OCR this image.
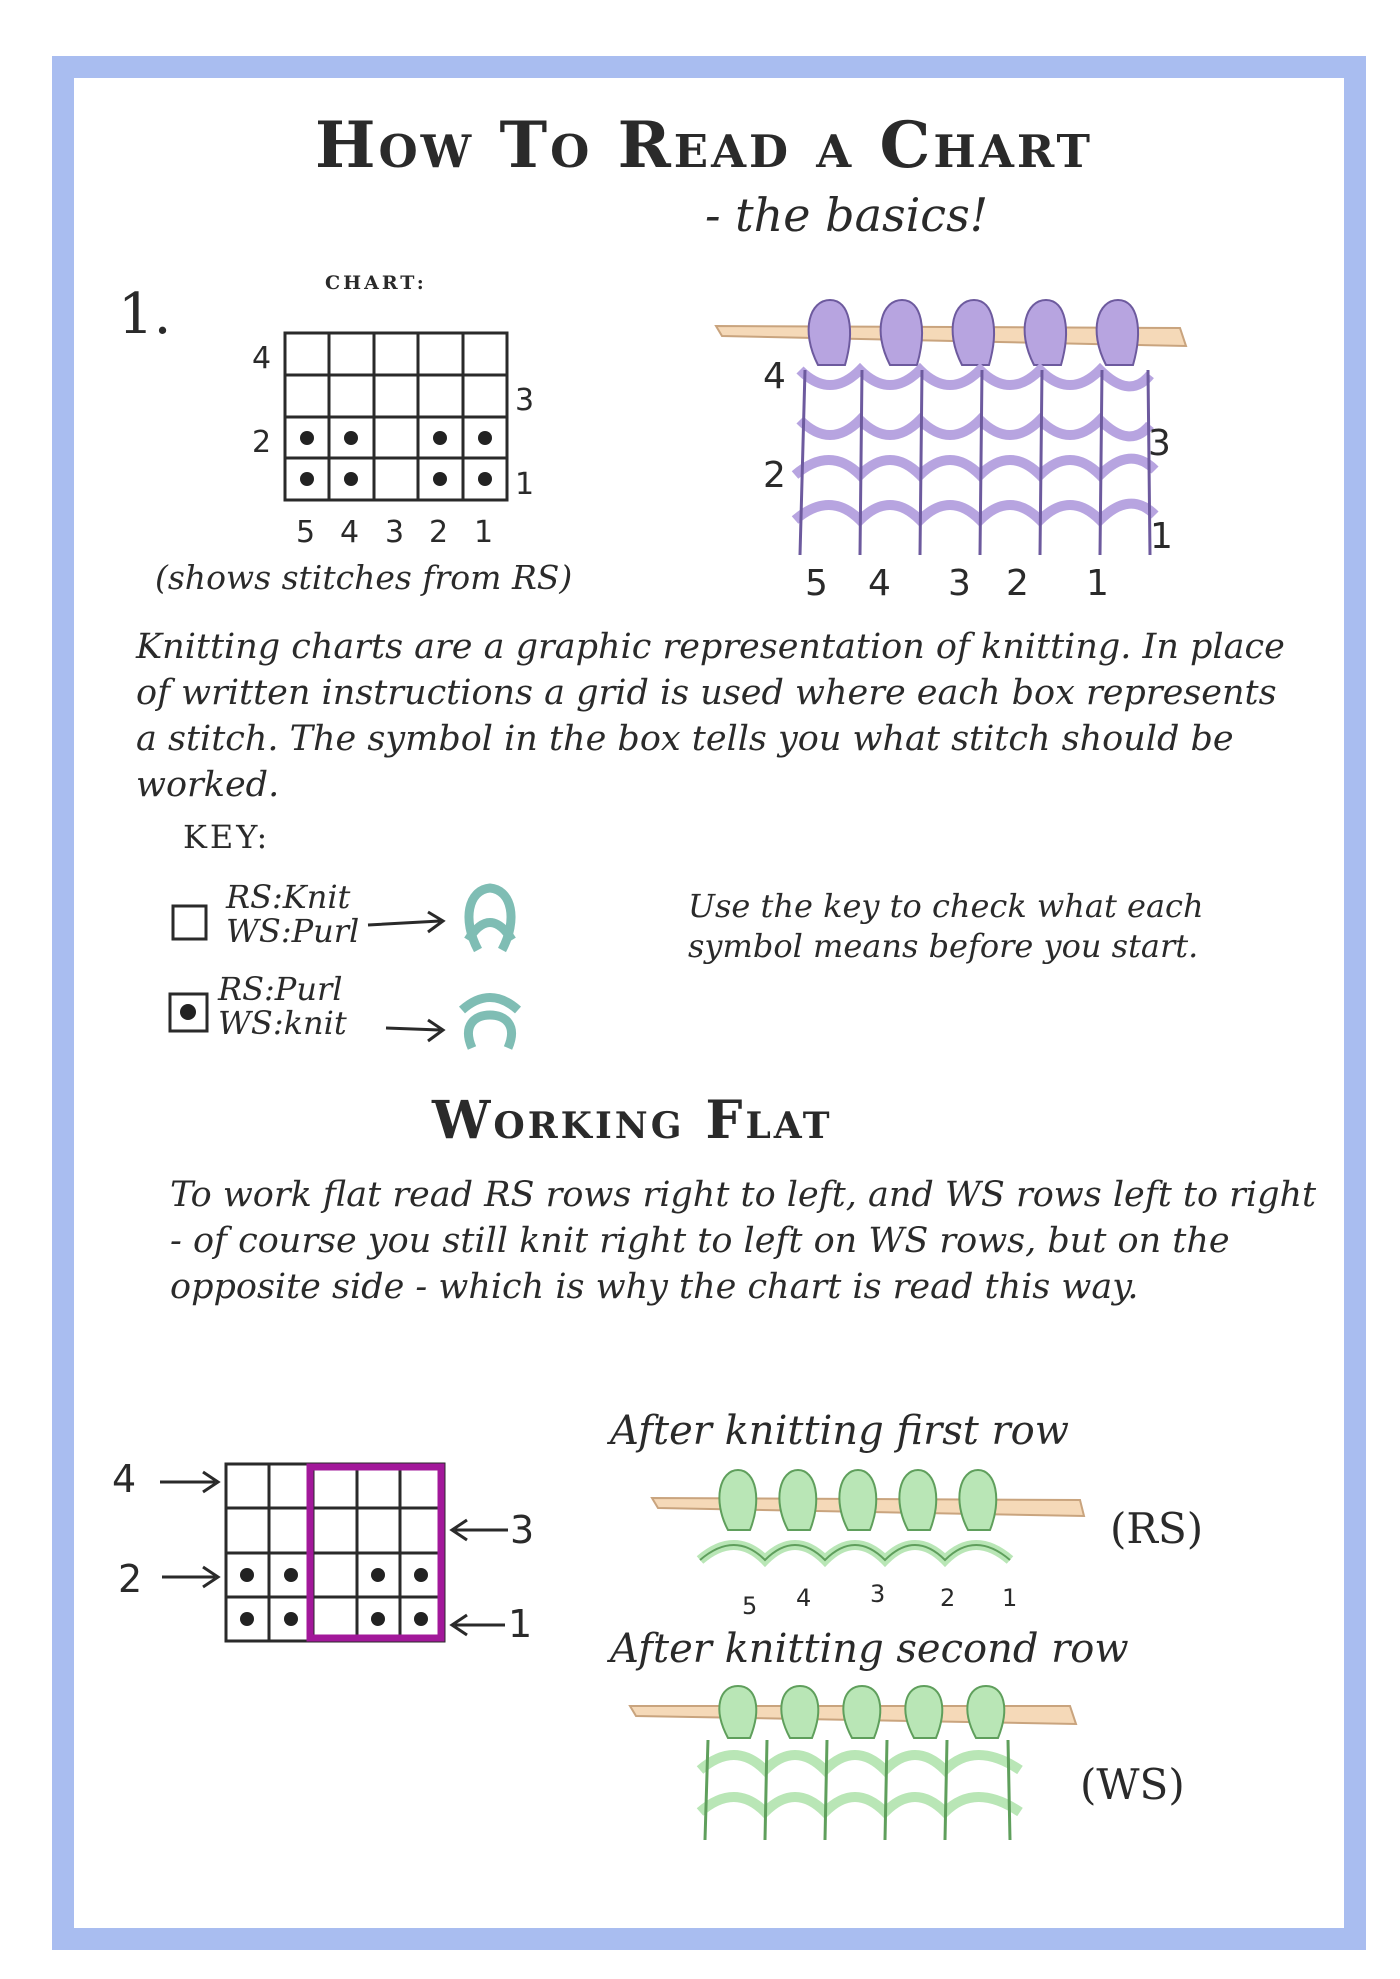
How To Read a Chart

- the basics!

1.	CHART:

4
3
2
1
5 4 3 2 1

(shows stitches from RS)

4
3
2
1
5 4 3 2 1

Knitting charts are a graphic representation of knitting. In place of written instructions a grid is used where each box represents a stitch. The symbol in the box tells you what stitch should be worked.

KEY:

RS:Knit
WS:Purl
RS:Purl
WS:knit

Use the key to check what each symbol means before you start.

Working Flat

To work flat read RS rows right to left, and WS rows left to right - of course you still knit right to left on WS rows, but on the opposite side - which is why the chart is read this way.

4
2
3
1

After knitting first row

5 4 3 2 1

(RS)

After knitting second row

(WS)
